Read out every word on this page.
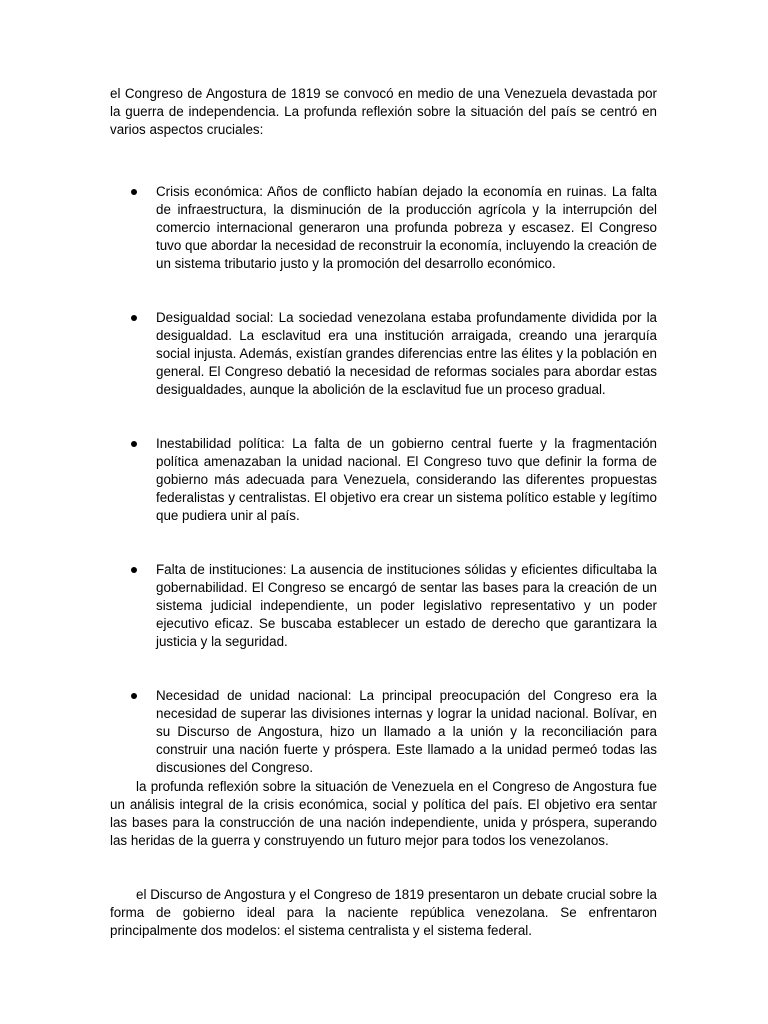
el Congreso de Angostura de 1819 se convocó en medio de una Venezuela devastada por la guerra de independencia. La profunda reflexión sobre la situación del país se centró en varios aspectos cruciales:

Crisis económica: Años de conflicto habían dejado la economía en ruinas. La falta de infraestructura, la disminución de la producción agrícola y la interrupción del comercio internacional generaron una profunda pobreza y escasez. El Congreso tuvo que abordar la necesidad de reconstruir la economía, incluyendo la creación de un sistema tributario justo y la promoción del desarrollo económico.
Desigualdad social: La sociedad venezolana estaba profundamente dividida por la desigualdad. La esclavitud era una institución arraigada, creando una jerarquía social injusta. Además, existían grandes diferencias entre las élites y la población en general. El Congreso debatió la necesidad de reformas sociales para abordar estas desigualdades, aunque la abolición de la esclavitud fue un proceso gradual.
Inestabilidad política: La falta de un gobierno central fuerte y la fragmentación política amenazaban la unidad nacional. El Congreso tuvo que definir la forma de gobierno más adecuada para Venezuela, considerando las diferentes propuestas federalistas y centralistas. El objetivo era crear un sistema político estable y legítimo que pudiera unir al país.
Falta de instituciones: La ausencia de instituciones sólidas y eficientes dificultaba la gobernabilidad. El Congreso se encargó de sentar las bases para la creación de un sistema judicial independiente, un poder legislativo representativo y un poder ejecutivo eficaz. Se buscaba establecer un estado de derecho que garantizara la justicia y la seguridad.
Necesidad de unidad nacional: La principal preocupación del Congreso era la necesidad de superar las divisiones internas y lograr la unidad nacional. Bolívar, en su Discurso de Angostura, hizo un llamado a la unión y la reconciliación para construir una nación fuerte y próspera. Este llamado a la unidad permeó todas las discusiones del Congreso.

la profunda reflexión sobre la situación de Venezuela en el Congreso de Angostura fue un análisis integral de la crisis económica, social y política del país. El objetivo era sentar las bases para la construcción de una nación independiente, unida y próspera, superando las heridas de la guerra y construyendo un futuro mejor para todos los venezolanos.

el Discurso de Angostura y el Congreso de 1819 presentaron un debate crucial sobre la forma de gobierno ideal para la naciente república venezolana. Se enfrentaron principalmente dos modelos: el sistema centralista y el sistema federal.
